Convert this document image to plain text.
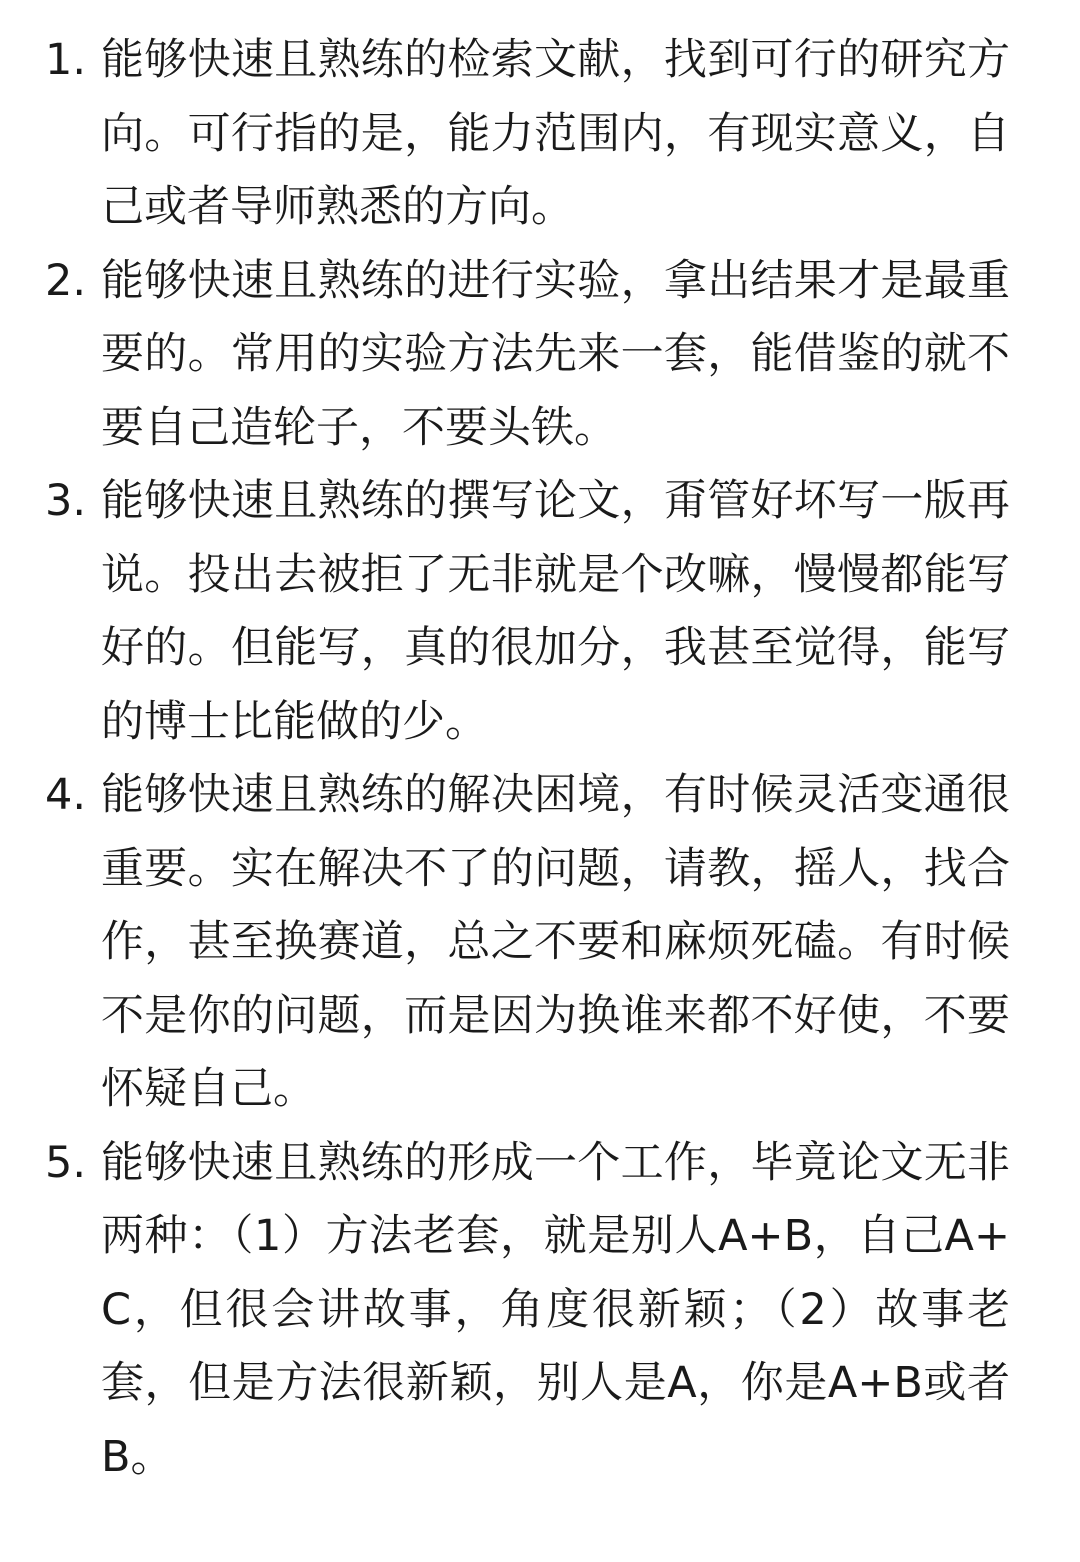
1. 能够快速且熟练的检索文献，找到可行的研究方向。可行指的是，能力范围内，有现实意义，自己或者导师熟悉的方向。
2. 能够快速且熟练的进行实验，拿出结果才是最重要的。常用的实验方法先来一套，能借鉴的就不要自己造轮子，不要头铁。
3. 能够快速且熟练的撰写论文，甭管好坏写一版再说。投出去被拒了无非就是个改嘛，慢慢都能写好的。但能写，真的很加分，我甚至觉得，能写的博士比能做的少。
4. 能够快速且熟练的解决困境，有时候灵活变通很重要。实在解决不了的问题，请教，摇人，找合作，甚至换赛道，总之不要和麻烦死磕。有时候不是你的问题，而是因为换谁来都不好使，不要怀疑自己。
5. 能够快速且熟练的形成一个工作，毕竟论文无非两种：（1）方法老套，就是别人A+B，自己A+C，但很会讲故事，角度很新颖；（2）故事老套，但是方法很新颖，别人是A，你是A+B或者B。
